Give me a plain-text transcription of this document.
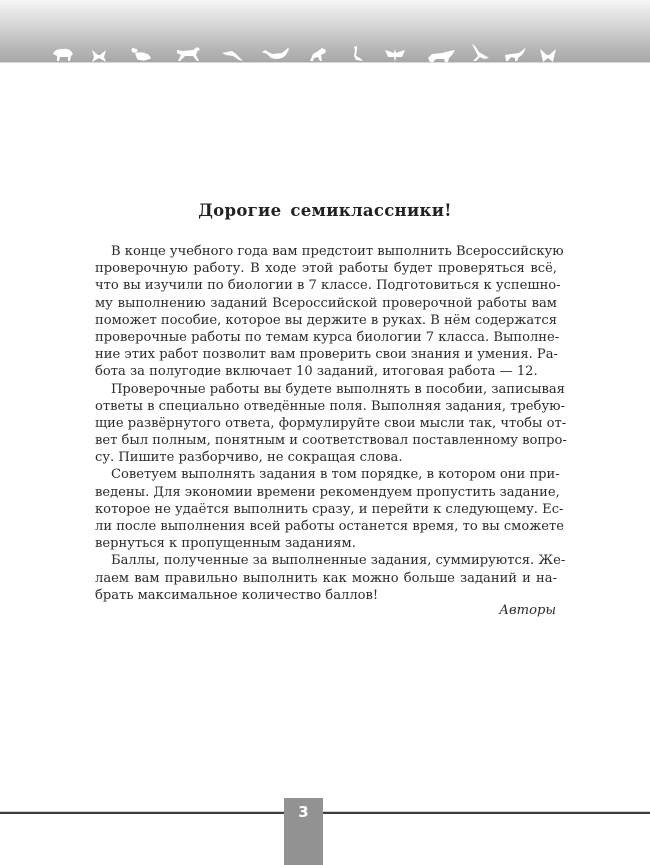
Дорогие семиклассники!
В конце учебного года вам предстоит выполнить Всероссийскую
проверочную работу. В ходе этой работы будет проверяться всё,
что вы изучили по биологии в 7 классе. Подготовиться к успешно-
му выполнению заданий Всероссийской проверочной работы вам
поможет пособие, которое вы держите в руках. В нём содержатся
проверочные работы по темам курса биологии 7 класса. Выполне-
ние этих работ позволит вам проверить свои знания и умения. Ра-
бота за полугодие включает 10 заданий, итоговая работа — 12.
Проверочные работы вы будете выполнять в пособии, записывая
ответы в специально отведённые поля. Выполняя задания, требую-
щие развёрнутого ответа, формулируйте свои мысли так, чтобы от-
вет был полным, понятным и соответствовал поставленному вопро-
су. Пишите разборчиво, не сокращая слова.
Советуем выполнять задания в том порядке, в котором они при-
ведены. Для экономии времени рекомендуем пропустить задание,
которое не удаётся выполнить сразу, и перейти к следующему. Ес-
ли после выполнения всей работы останется время, то вы сможете
вернуться к пропущенным заданиям.
Баллы, полученные за выполненные задания, суммируются. Же-
лаем вам правильно выполнить как можно больше заданий и на-
брать максимальное количество баллов!
Авторы
3
